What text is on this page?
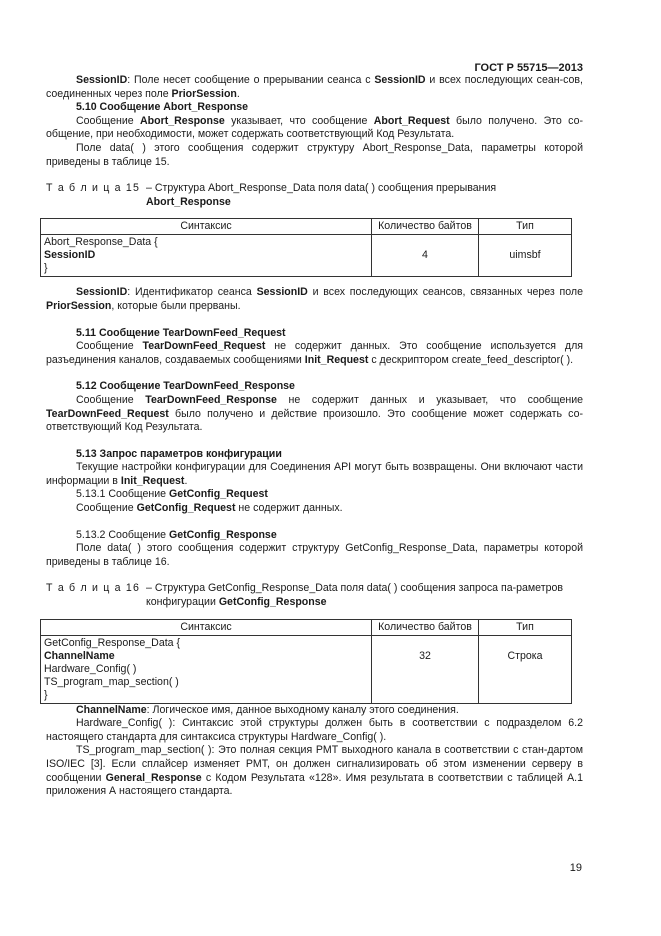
ГОСТ Р 55715—2013

SessionID: Поле несет сообщение о прерывании сеанса с SessionID и всех последующих сеан-сов, соединенных через поле PriorSession.

5.10 Сообщение Abort_Response

Сообщение Abort_Response указывает, что сообщение Abort_Request было получено. Это со-общение, при необходимости, может содержать соответствующий Код Результата.

Поле data( ) этого сообщения содержит структуру Abort_Response_Data, параметры которой приведены в таблице 15.

Т а б л и ц а 15 – Структура Abort_Response_Data поля data( ) сообщения прерывания
Abort_Response
Синтаксис	Количество байтов	Тип
Abort_Response_Data {
SessionID
}	4	uimsbf

SessionID: Идентификатор сеанса SessionID и всех последующих сеансов, связанных через поле PriorSession, которые были прерваны.

5.11 Сообщение TearDownFeed_Request

Сообщение TearDownFeed_Request не содержит данных. Это сообщение используется для разъединения каналов, создаваемых сообщениями Init_Request с дескриптором create_feed_descriptor( ).

5.12 Сообщение TearDownFeed_Response

Сообщение TearDownFeed_Response не содержит данных и указывает, что сообщение TearDownFeed_Request было получено и действие произошло. Это сообщение может содержать со-ответствующий Код Результата.

5.13 Запрос параметров конфигурации

Текущие настройки конфигурации для Соединения API могут быть возвращены. Они включают части информации в Init_Request.

5.13.1 Сообщение GetConfig_Request

Сообщение GetConfig_Request не содержит данных.

5.13.2 Сообщение GetConfig_Response

Поле data( ) этого сообщения содержит структуру GetConfig_Response_Data, параметры которой приведены в таблице 16.

Т а б л и ц а 16 – Структура GetConfig_Response_Data поля data( ) сообщения запроса па-раметров конфигурации GetConfig_Response
Синтаксис	Количество байтов	Тип
GetConfig_Response_Data {
ChannelName
Hardware_Config( )
TS_program_map_section( )
}	32	Строка

ChannelName: Логическое имя, данное выходному каналу этого соединения.

Hardware_Config( ): Синтаксис этой структуры должен быть в соответствии с подразделом 6.2 настоящего стандарта для синтаксиса структуры Hardware_Config( ).

TS_program_map_section( ): Это полная секция PMT выходного канала в соответствии с стан-дартом ISO/IEC [3]. Если сплайсер изменяет PMT, он должен сигнализировать об этом изменении серверу в сообщении General_Response с Кодом Результата «128». Имя результата в соответствии с таблицей А.1 приложения А настоящего стандарта.

19
